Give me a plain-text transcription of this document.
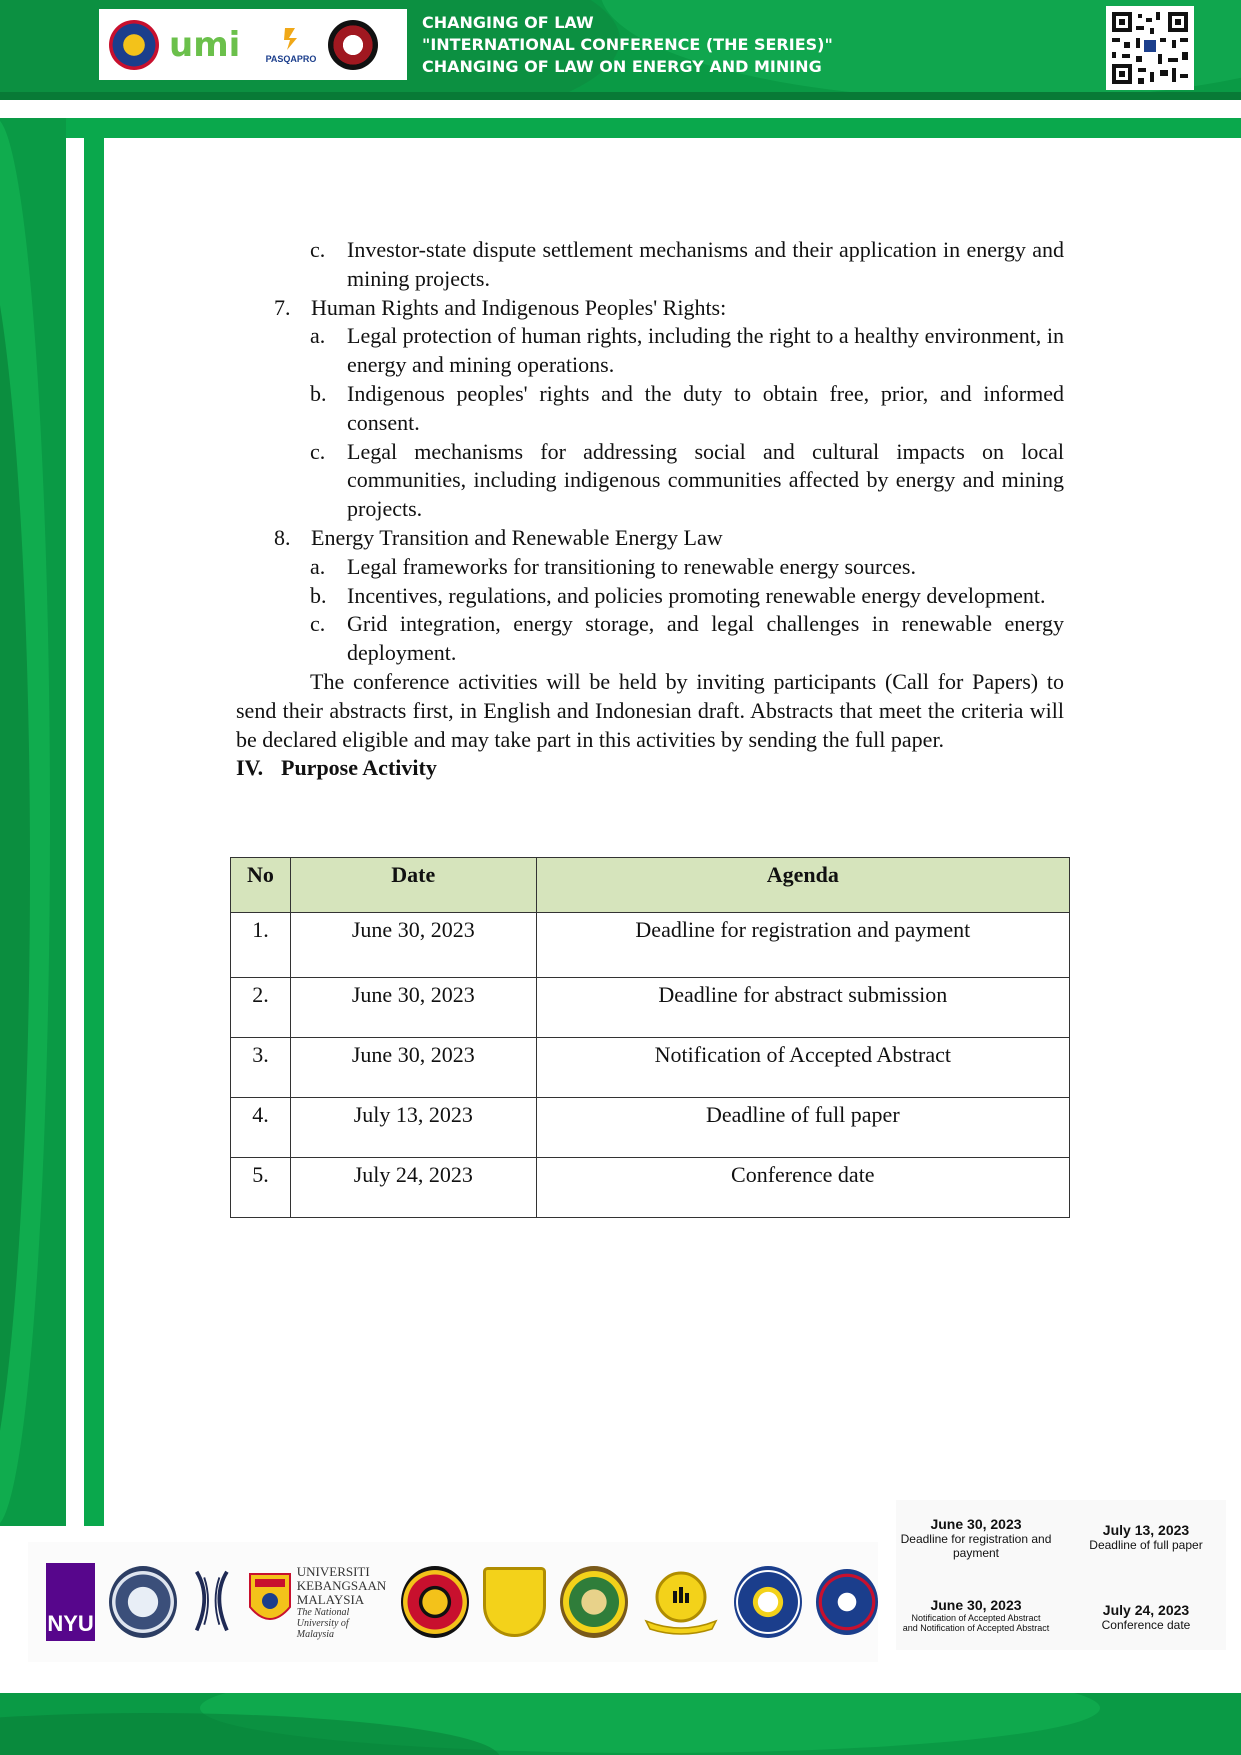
umi	PASQAPRO
CHANGING OF LAW
"INTERNATIONAL CONFERENCE (THE SERIES)"
CHANGING OF LAW ON ENERGY AND MINING
c. Investor-state dispute settlement mechanisms and their application in energy and mining projects.
7. Human Rights and Indigenous Peoples' Rights:
a. Legal protection of human rights, including the right to a healthy environment, in energy and mining operations.
b. Indigenous peoples' rights and the duty to obtain free, prior, and informed consent.
c. Legal mechanisms for addressing social and cultural impacts on local communities, including indigenous communities affected by energy and mining projects.
8. Energy Transition and Renewable Energy Law
a. Legal frameworks for transitioning to renewable energy sources.
b. Incentives, regulations, and policies promoting renewable energy development.
c. Grid integration, energy storage, and legal challenges in renewable energy deployment.
The conference activities will be held by inviting participants (Call for Papers) to send their abstracts first, in English and Indonesian draft. Abstracts that meet the criteria will be declared eligible and may take part in this activities by sending the full paper.
IV. Purpose Activity
No	Date	Agenda
1.	June 30, 2023	Deadline for registration and payment
2.	June 30, 2023	Deadline for abstract submission
3.	June 30, 2023	Notification of Accepted Abstract
4.	July 13, 2023	Deadline of full paper
5.	July 24, 2023	Conference date
NYU
UNIVERSITI
KEBANGSAAN
MALAYSIA
The National University of Malaysia
June 30, 2023
Deadline for registration and payment
July 13, 2023
Deadline of full paper
June 30, 2023
Notification of Accepted Abstract
and Notification of Accepted Abstract
July 24, 2023
Conference date
